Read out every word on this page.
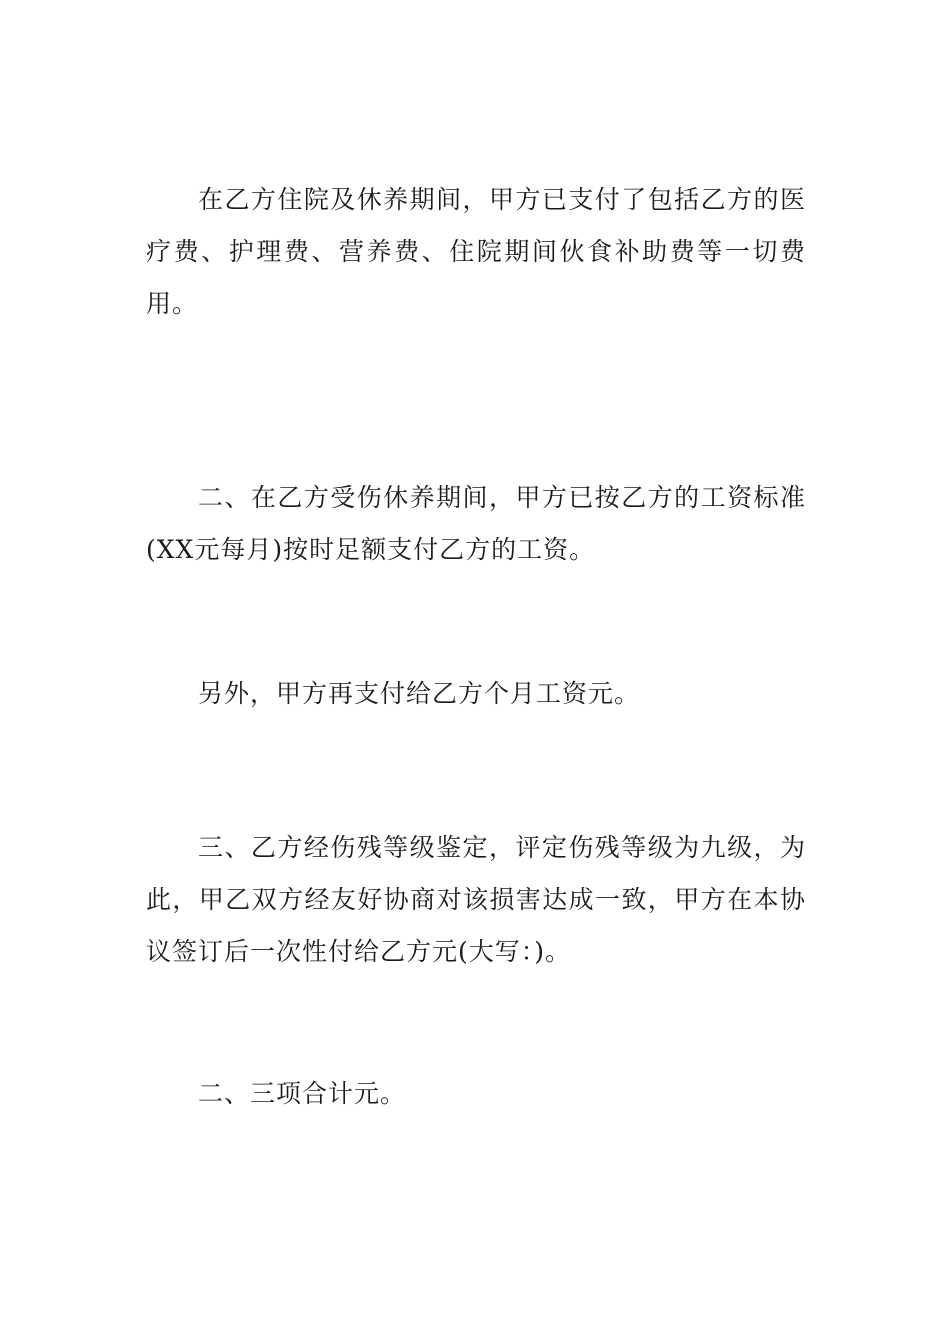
在乙方住院及休养期间，甲方已支付了包括乙方的医疗费、护理费、营养费、住院期间伙食补助费等一切费用。

二、在乙方受伤休养期间，甲方已按乙方的工资标准(XX元每月)按时足额支付乙方的工资。

另外，甲方再支付给乙方个月工资元。

三、乙方经伤残等级鉴定，评定伤残等级为九级，为此，甲乙双方经友好协商对该损害达成一致，甲方在本协议签订后一次性付给乙方元(大写：)。

二、三项合计元。
